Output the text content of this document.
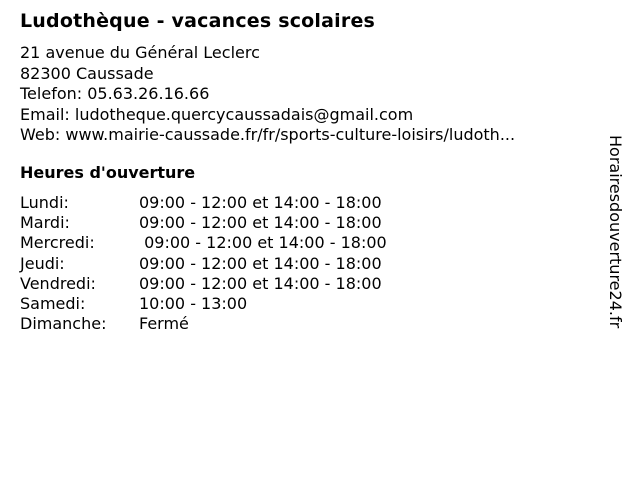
Ludothèque - vacances scolaires
21 avenue du Général Leclerc
82300 Caussade
Telefon: 05.63.26.16.66
Email: ludotheque.quercycaussadais@gmail.com
Web: www.mairie-caussade.fr/fr/sports-culture-loisirs/ludoth...
Heures d'ouverture
Lundi:	09:00 - 12:00 et 14:00 - 18:00
Mardi:	09:00 - 12:00 et 14:00 - 18:00
Mercredi:	09:00 - 12:00 et 14:00 - 18:00
Jeudi:	09:00 - 12:00 et 14:00 - 18:00
Vendredi:	09:00 - 12:00 et 14:00 - 18:00
Samedi:	10:00 - 13:00
Dimanche:	Fermé	Horairesdouverture24.fr
